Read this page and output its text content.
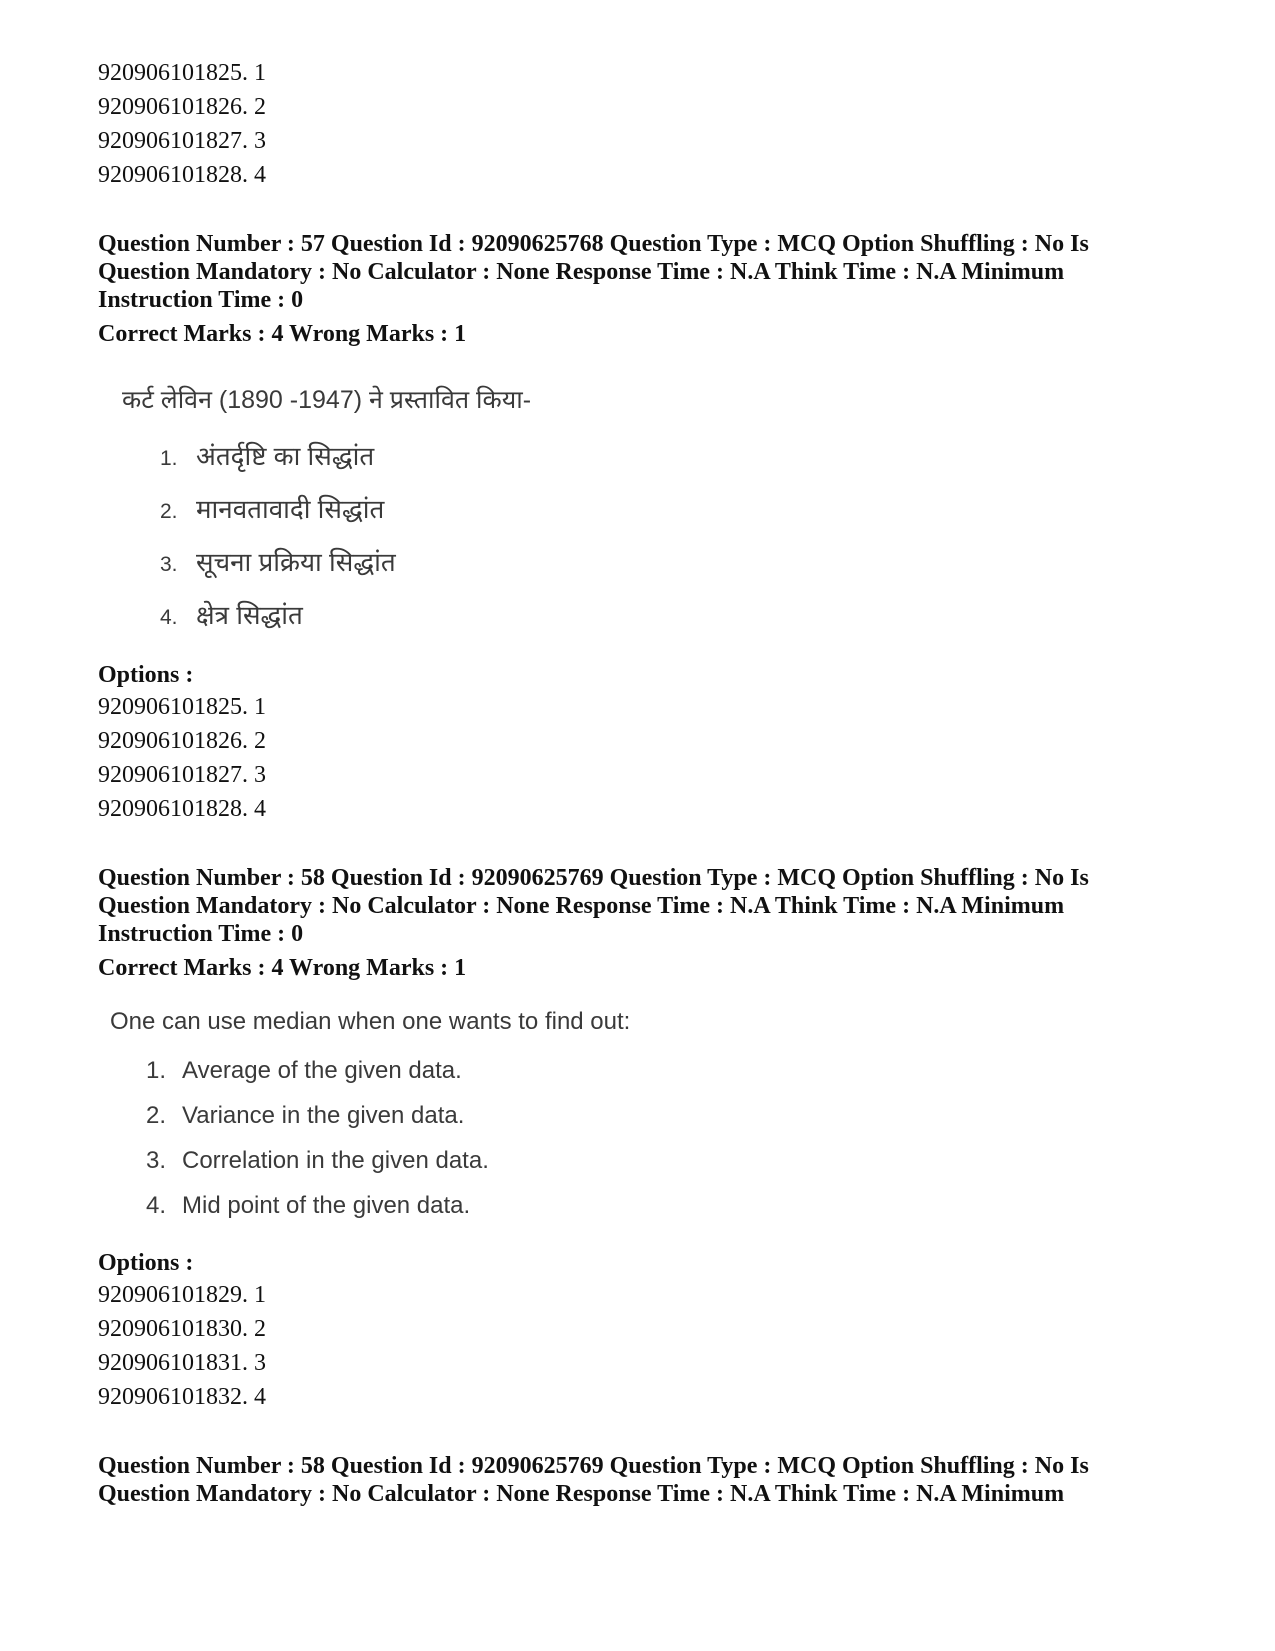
920906101825. 1
920906101826. 2
920906101827. 3
920906101828. 4
Question Number : 57 Question Id : 92090625768 Question Type : MCQ Option Shuffling : No Is
Question Mandatory : No Calculator : None Response Time : N.A Think Time : N.A Minimum
Instruction Time : 0
Correct Marks : 4 Wrong Marks : 1
कर्ट लेविन (1890 -1947) ने प्रस्तावित किया-
1. अंतर्दृष्टि का सिद्धांत
2. मानवतावादी सिद्धांत
3. सूचना प्रक्रिया सिद्धांत
4. क्षेत्र सिद्धांत
Options :
920906101825. 1
920906101826. 2
920906101827. 3
920906101828. 4
Question Number : 58 Question Id : 92090625769 Question Type : MCQ Option Shuffling : No Is
Question Mandatory : No Calculator : None Response Time : N.A Think Time : N.A Minimum
Instruction Time : 0
Correct Marks : 4 Wrong Marks : 1
One can use median when one wants to find out:
1. Average of the given data.
2. Variance in the given data.
3. Correlation in the given data.
4. Mid point of the given data.
Options :
920906101829. 1
920906101830. 2
920906101831. 3
920906101832. 4
Question Number : 58 Question Id : 92090625769 Question Type : MCQ Option Shuffling : No Is
Question Mandatory : No Calculator : None Response Time : N.A Think Time : N.A Minimum
